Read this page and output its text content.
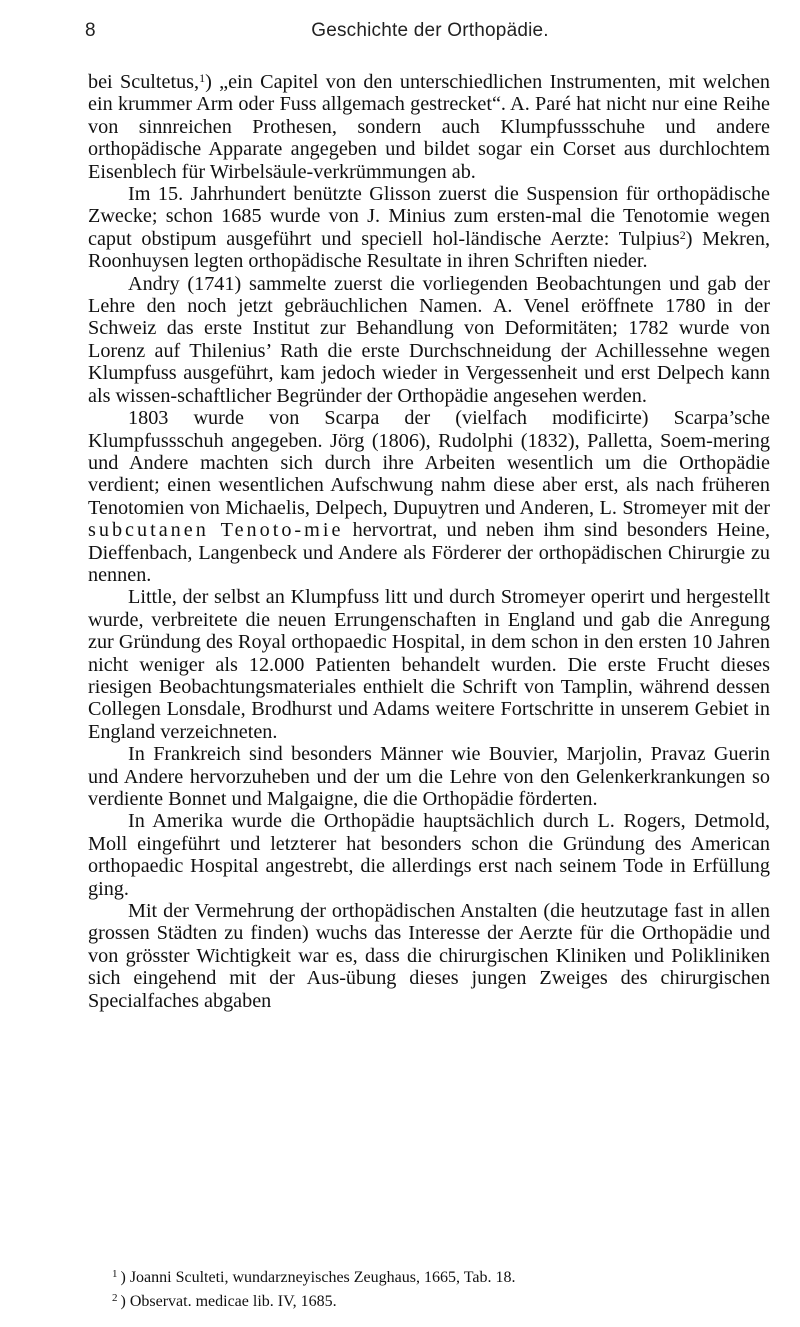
8	Geschichte der Orthopädie.

bei Scultetus,$^1$) „ein Capitel von den unterschiedlichen Instrumenten, mit welchen ein krummer Arm oder Fuss allgemach gestrecket“. A. Paré hat nicht nur eine Reihe von sinnreichen Prothesen, sondern auch Klumpfussschuhe und andere orthopädische Apparate angegeben und bildet sogar ein Corset aus durchlochtem Eisenblech für Wirbelsäule-verkrümmungen ab.

Im 15. Jahrhundert benützte Glisson zuerst die Suspension für orthopädische Zwecke; schon 1685 wurde von J. Minius zum ersten-mal die Tenotomie wegen caput obstipum ausgeführt und speciell hol-ländische Aerzte: Tulpius$^2$) Mekren, Roonhuysen legten orthopädische Resultate in ihren Schriften nieder.

Andry (1741) sammelte zuerst die vorliegenden Beobachtungen und gab der Lehre den noch jetzt gebräuchlichen Namen. A. Venel eröffnete 1780 in der Schweiz das erste Institut zur Behandlung von Deformitäten; 1782 wurde von Lorenz auf Thilenius’ Rath die erste Durchschneidung der Achillessehne wegen Klumpfuss ausgeführt, kam jedoch wieder in Vergessenheit und erst Delpech kann als wissen-schaftlicher Begründer der Orthopädie angesehen werden.

1803 wurde von Scarpa der (vielfach modificirte) Scarpa’sche Klumpfussschuh angegeben. Jörg (1806), Rudolphi (1832), Palletta, Soem-mering und Andere machten sich durch ihre Arbeiten wesentlich um die Orthopädie verdient; einen wesentlichen Aufschwung nahm diese aber erst, als nach früheren Tenotomien von Michaelis, Delpech, Dupuytren und Anderen, L. Stromeyer mit der subcutanen Tenoto-mie hervortrat, und neben ihm sind besonders Heine, Dieffenbach, Langenbeck und Andere als Förderer der orthopädischen Chirurgie zu nennen.

Little, der selbst an Klumpfuss litt und durch Stromeyer operirt und hergestellt wurde, verbreitete die neuen Errungenschaften in England und gab die Anregung zur Gründung des Royal orthopaedic Hospital, in dem schon in den ersten 10 Jahren nicht weniger als 12.000 Patienten behandelt wurden. Die erste Frucht dieses riesigen Beobachtungsmateriales enthielt die Schrift von Tamplin, während dessen Collegen Lonsdale, Brodhurst und Adams weitere Fortschritte in unserem Gebiet in England verzeichneten.

In Frankreich sind besonders Männer wie Bouvier, Marjolin, Pravaz Guerin und Andere hervorzuheben und der um die Lehre von den Gelenkerkrankungen so verdiente Bonnet und Malgaigne, die die Orthopädie förderten.

In Amerika wurde die Orthopädie hauptsächlich durch L. Rogers, Detmold, Moll eingeführt und letzterer hat besonders schon die Gründung des American orthopaedic Hospital angestrebt, die allerdings erst nach seinem Tode in Erfüllung ging.

Mit der Vermehrung der orthopädischen Anstalten (die heutzutage fast in allen grossen Städten zu finden) wuchs das Interesse der Aerzte für die Orthopädie und von grösster Wichtigkeit war es, dass die chirurgischen Kliniken und Polikliniken sich eingehend mit der Aus-übung dieses jungen Zweiges des chirurgischen Specialfaches abgaben

$^1$ ) Joanni Sculteti, wundarzneyisches Zeughaus, 1665, Tab. 18.
$^2$ ) Observat. medicae lib. IV, 1685.
